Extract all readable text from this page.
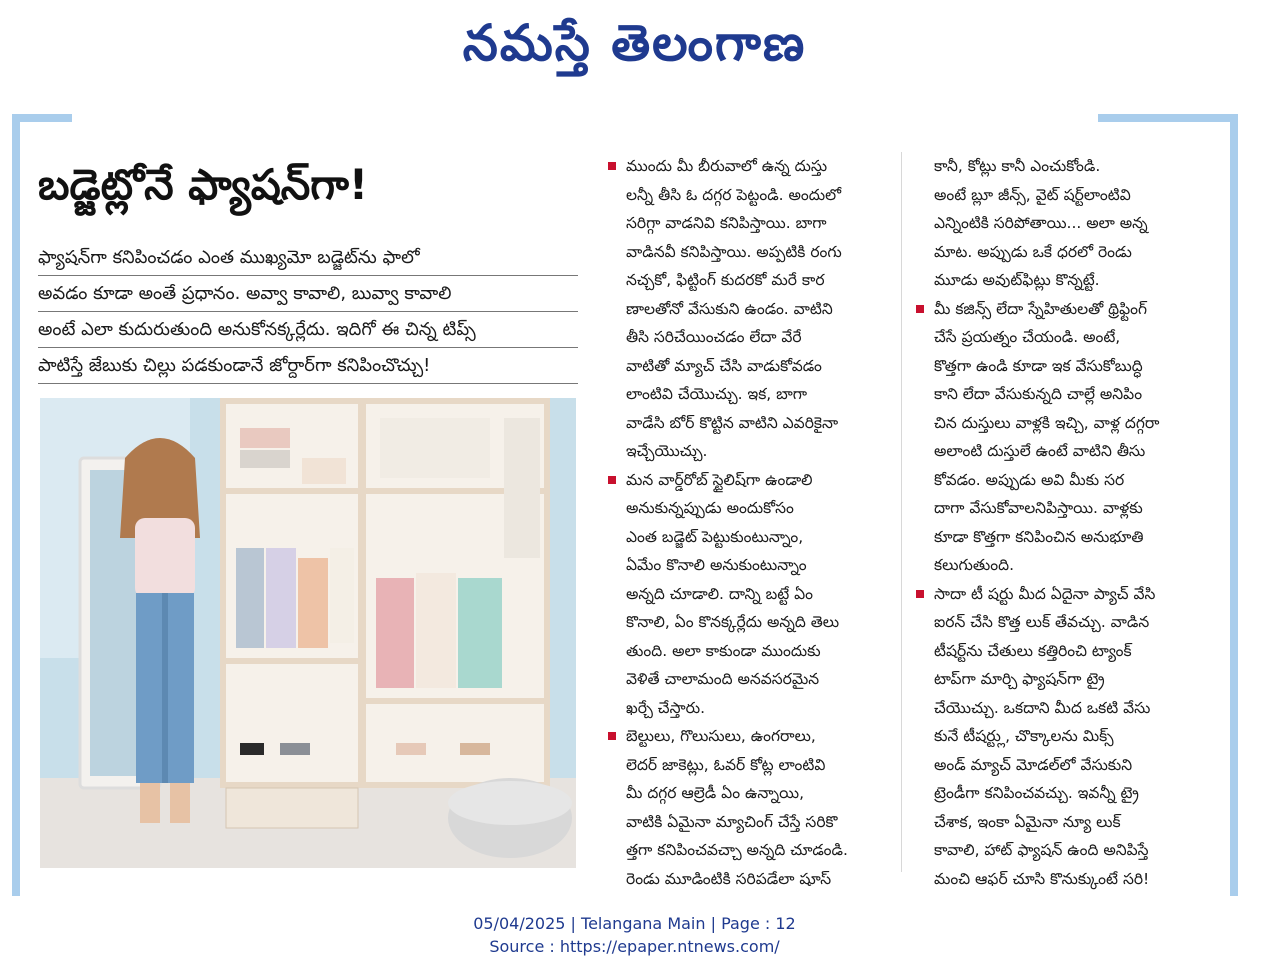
నమస్తే తెలంగాణ
బడ్జెట్లోనే ఫ్యాషన్‌గా!
ఫ్యాషన్‌గా కనిపించడం ఎంత ముఖ్యమో బడ్జెట్‌ను ఫాలో
అవడం కూడా అంతే ప్రధానం. అవ్వా కావాలి, బువ్వా కావాలి
అంటే ఎలా కుదురుతుంది అనుకోనక్కర్లేదు. ఇదిగో ఈ చిన్న టిప్స్
పాటిస్తే జేబుకు చిల్లు పడకుండానే జోర్దార్‌గా కనిపించొచ్చు!
ముందు మీ బీరువాలో ఉన్న దుస్తు
లన్నీ తీసి ఓ దగ్గర పెట్టండి. అందులో
సరిగ్గా వాడనివి కనిపిస్తాయి. బాగా
వాడినవీ కనిపిస్తాయి. అప్పటికి రంగు
నచ్చకో, ఫిట్టింగ్ కుదరకో మరే కార
ణాలతోనో వేసుకుని ఉండం. వాటిని
తీసి సరిచేయించడం లేదా వేరే
వాటితో మ్యాచ్ చేసి వాడుకోవడం
లాంటివి చేయొచ్చు. ఇక, బాగా
వాడేసి బోర్ కొట్టిన వాటిని ఎవరికైనా
ఇచ్చేయొచ్చు.
మన వార్డ్‌రోబ్ స్టైలిష్‌గా ఉండాలి
అనుకున్నప్పుడు అందుకోసం
ఎంత బడ్జెట్ పెట్టుకుంటున్నాం,
ఏమేం కొనాలి అనుకుంటున్నాం
అన్నది చూడాలి. దాన్ని బట్టే ఏం
కొనాలి, ఏం కొనక్కర్లేదు అన్నది తెలు
తుంది. అలా కాకుండా ముందుకు
వెళితే చాలామంది అనవసరమైన
ఖర్చే చేస్తారు.
బెల్టులు, గొలుసులు, ఉంగరాలు,
లెదర్ జాకెట్లు, ఓవర్ కోట్ల లాంటివి
మీ దగ్గర ఆల్రెడీ ఏం ఉన్నాయి,
వాటికి ఏమైనా మ్యాచింగ్ చేస్తే సరికొ
త్తగా కనిపించవచ్చా అన్నది చూడండి.
రెండు మూడింటికి సరిపడేలా షూస్
కానీ, కోట్లు కానీ ఎంచుకోండి.
అంటే బ్లూ జీన్స్, వైట్ షర్ట్‌లాంటివి
ఎన్నింటికి సరిపోతాయి... అలా అన్న
మాట. అప్పుడు ఒకే ధరలో రెండు
మూడు అవుట్‌ఫిట్లు కొన్నట్టే.
మీ కజిన్స్ లేదా స్నేహితులతో థ్రిఫ్టింగ్
చేసే ప్రయత్నం చేయండి. అంటే,
కొత్తగా ఉండి కూడా ఇక వేసుకోబుద్ధి
కాని లేదా వేసుకున్నది చాల్లే అనిపిం
చిన దుస్తులు వాళ్లకి ఇచ్చి, వాళ్ల దగ్గరా
అలాంటి దుస్తులే ఉంటే వాటిని తీసు
కోవడం. అప్పుడు అవి మీకు సర
దాగా వేసుకోవాలనిపిస్తాయి. వాళ్లకు
కూడా కొత్తగా కనిపించిన అనుభూతి
కలుగుతుంది.
సాదా టీ షర్టు మీద ఏదైనా ప్యాచ్ వేసి
ఐరన్ చేసి కొత్త లుక్ తేవచ్చు. వాడిన
టీషర్ట్‌ను చేతులు కత్తిరించి ట్యాంక్
టాప్‌గా మార్చి ఫ్యాషన్‌గా ట్రై
చేయొచ్చు. ఒకదాని మీద ఒకటి వేసు
కునే టీషర్ట్లు, చొక్కాలను మిక్స్
అండ్ మ్యాచ్ మోడల్‌లో వేసుకుని
ట్రెండీగా కనిపించవచ్చు. ఇవన్నీ ట్రై
చేశాక, ఇంకా ఏమైనా న్యూ లుక్
కావాలి, హాట్ ఫ్యాషన్ ఉంది అనిపిస్తే
మంచి ఆఫర్ చూసి కొనుక్కుంటే సరి!
05/04/2025 | Telangana Main | Page : 12
Source : https://epaper.ntnews.com/
